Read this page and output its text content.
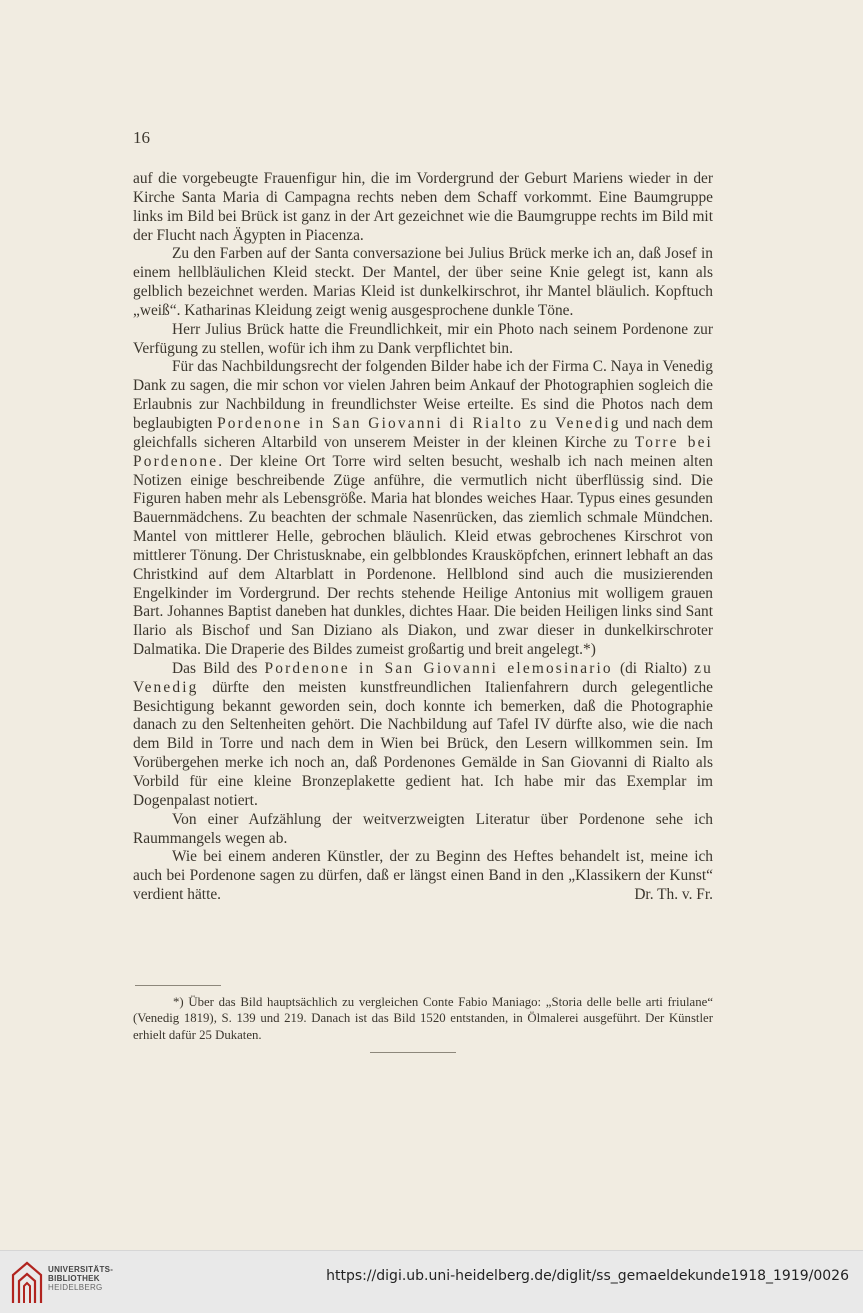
16

auf die vorgebeugte Frauenfigur hin, die im Vordergrund der Geburt Mariens wieder in der Kirche Santa Maria di Campagna rechts neben dem Schaff vorkommt. Eine Baumgruppe links im Bild bei Brück ist ganz in der Art gezeichnet wie die Baumgruppe rechts im Bild mit der Flucht nach Ägypten in Piacenza.

Zu den Farben auf der Santa conversazione bei Julius Brück merke ich an, daß Josef in einem hellbläulichen Kleid steckt. Der Mantel, der über seine Knie gelegt ist, kann als gelblich bezeichnet werden. Marias Kleid ist dunkelkirschrot, ihr Mantel bläulich. Kopftuch „weiß“. Katharinas Kleidung zeigt wenig ausgesprochene dunkle Töne.

Herr Julius Brück hatte die Freundlichkeit, mir ein Photo nach seinem Pordenone zur Verfügung zu stellen, wofür ich ihm zu Dank verpflichtet bin.

Für das Nachbildungsrecht der folgenden Bilder habe ich der Firma C. Naya in Venedig Dank zu sagen, die mir schon vor vielen Jahren beim Ankauf der Photographien sogleich die Erlaubnis zur Nachbildung in freundlichster Weise erteilte. Es sind die Photos nach dem beglaubigten Pordenone in San Giovanni di Rialto zu Venedig und nach dem gleichfalls sicheren Altarbild von unserem Meister in der kleinen Kirche zu Torre bei Pordenone. Der kleine Ort Torre wird selten besucht, weshalb ich nach meinen alten Notizen einige beschreibende Züge anführe, die vermutlich nicht überflüssig sind. Die Figuren haben mehr als Lebensgröße. Maria hat blondes weiches Haar. Typus eines gesunden Bauernmädchens. Zu beachten der schmale Nasenrücken, das ziemlich schmale Mündchen. Mantel von mittlerer Helle, gebrochen bläulich. Kleid etwas gebrochenes Kirschrot von mittlerer Tönung. Der Christusknabe, ein gelbblondes Krausköpfchen, erinnert lebhaft an das Christkind auf dem Altarblatt in Pordenone. Hellblond sind auch die musizierenden Engelkinder im Vordergrund. Der rechts stehende Heilige Antonius mit wolligem grauen Bart. Johannes Baptist daneben hat dunkles, dichtes Haar. Die beiden Heiligen links sind Sant Ilario als Bischof und San Diziano als Diakon, und zwar dieser in dunkelkirschroter Dalmatika. Die Draperie des Bildes zumeist großartig und breit angelegt.*)

Das Bild des Pordenone in San Giovanni elemosinario (di Rialto) zu Venedig dürfte den meisten kunstfreundlichen Italienfahrern durch gelegentliche Besichtigung bekannt geworden sein, doch konnte ich bemerken, daß die Photographie danach zu den Seltenheiten gehört. Die Nachbildung auf Tafel IV dürfte also, wie die nach dem Bild in Torre und nach dem in Wien bei Brück, den Lesern willkommen sein. Im Vorübergehen merke ich noch an, daß Pordenones Gemälde in San Giovanni di Rialto als Vorbild für eine kleine Bronzeplakette gedient hat. Ich habe mir das Exemplar im Dogenpalast notiert.

Von einer Aufzählung der weitverzweigten Literatur über Pordenone sehe ich Raummangels wegen ab.

Wie bei einem anderen Künstler, der zu Beginn des Heftes behandelt ist, meine ich auch bei Pordenone sagen zu dürfen, daß er längst einen Band in den „Klassikern der Kunst“ verdient hätte.	Dr. Th. v. Fr.

*) Über das Bild hauptsächlich zu vergleichen Conte Fabio Maniago: „Storia delle belle arti friulane“ (Venedig 1819), S. 139 und 219. Danach ist das Bild 1520 entstanden, in Ölmalerei ausgeführt. Der Künstler erhielt dafür 25 Dukaten.

UNIVERSITÄTS-
BIBLIOTHEK
HEIDELBERG
https://digi.ub.uni-heidelberg.de/diglit/ss_gemaeldekunde1918_1919/0026
